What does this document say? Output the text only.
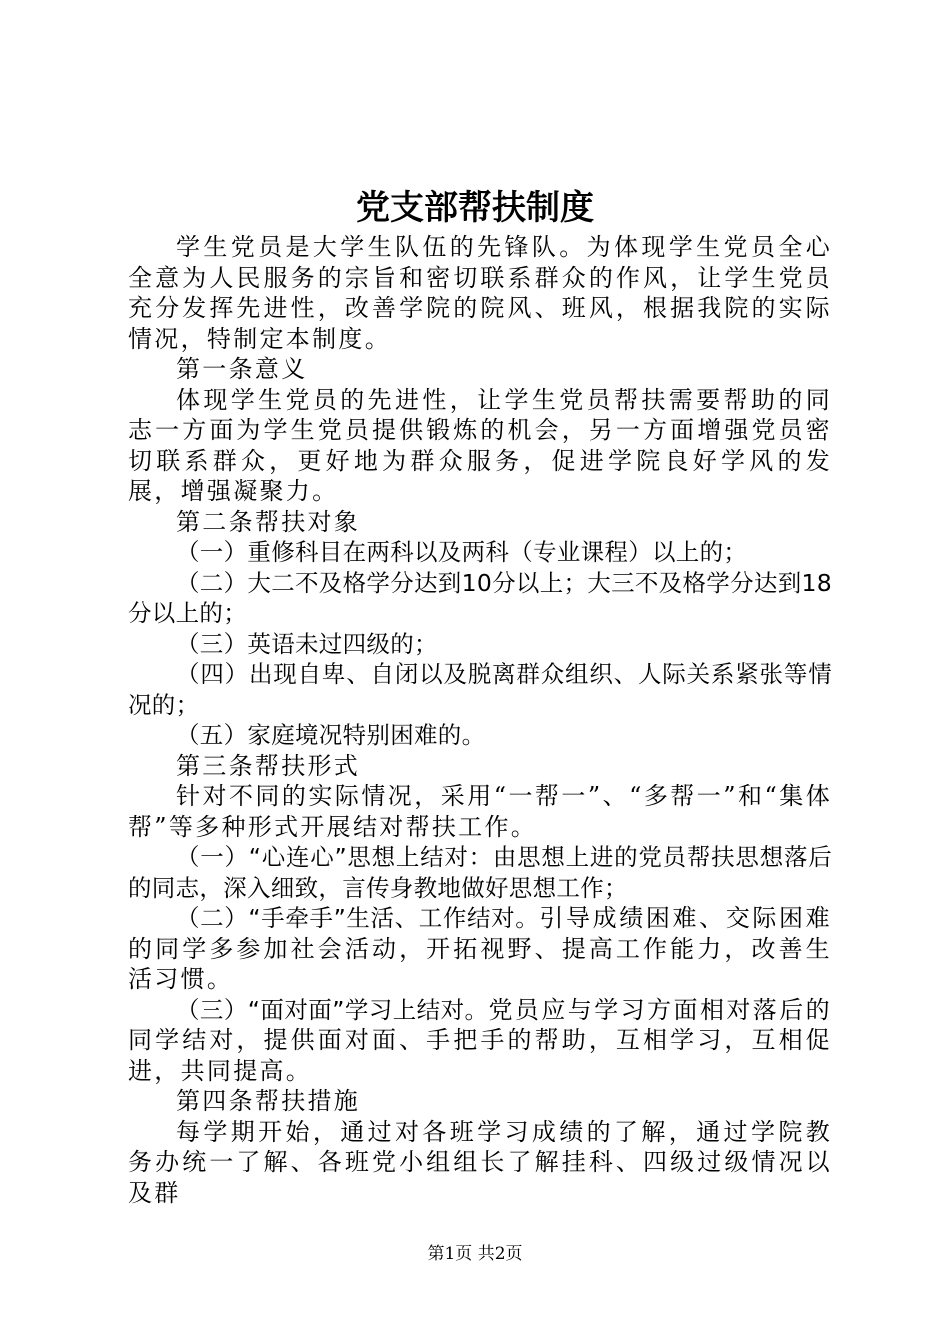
党支部帮扶制度

学生党员是大学生队伍的先锋队。为体现学生党员全心全意为人民服务的宗旨和密切联系群众的作风，让学生党员充分发挥先进性，改善学院的院风、班风，根据我院的实际情况，特制定本制度。

第一条意义

体现学生党员的先进性，让学生党员帮扶需要帮助的同志一方面为学生党员提供锻炼的机会，另一方面增强党员密切联系群众，更好地为群众服务，促进学院良好学风的发展，增强凝聚力。

第二条帮扶对象

（一）重修科目在两科以及两科（专业课程）以上的；

（二）大二不及格学分达到10分以上；大三不及格学分达到18分以上的；

（三）英语未过四级的；

（四）出现自卑、自闭以及脱离群众组织、人际关系紧张等情况的；

（五）家庭境况特别困难的。

第三条帮扶形式

针对不同的实际情况，采用“一帮一”、“多帮一”和“集体帮”等多种形式开展结对帮扶工作。

（一）“心连心”思想上结对：由思想上进的党员帮扶思想落后的同志，深入细致，言传身教地做好思想工作；

（二）“手牵手”生活、工作结对。引导成绩困难、交际困难的同学多参加社会活动，开拓视野、提高工作能力，改善生活习惯。

（三）“面对面”学习上结对。党员应与学习方面相对落后的同学结对，提供面对面、手把手的帮助，互相学习，互相促进，共同提高。

第四条帮扶措施

每学期开始，通过对各班学习成绩的了解，通过学院教务办统一了解、各班党小组组长了解挂科、四级过级情况以及群

第1页 共2页
